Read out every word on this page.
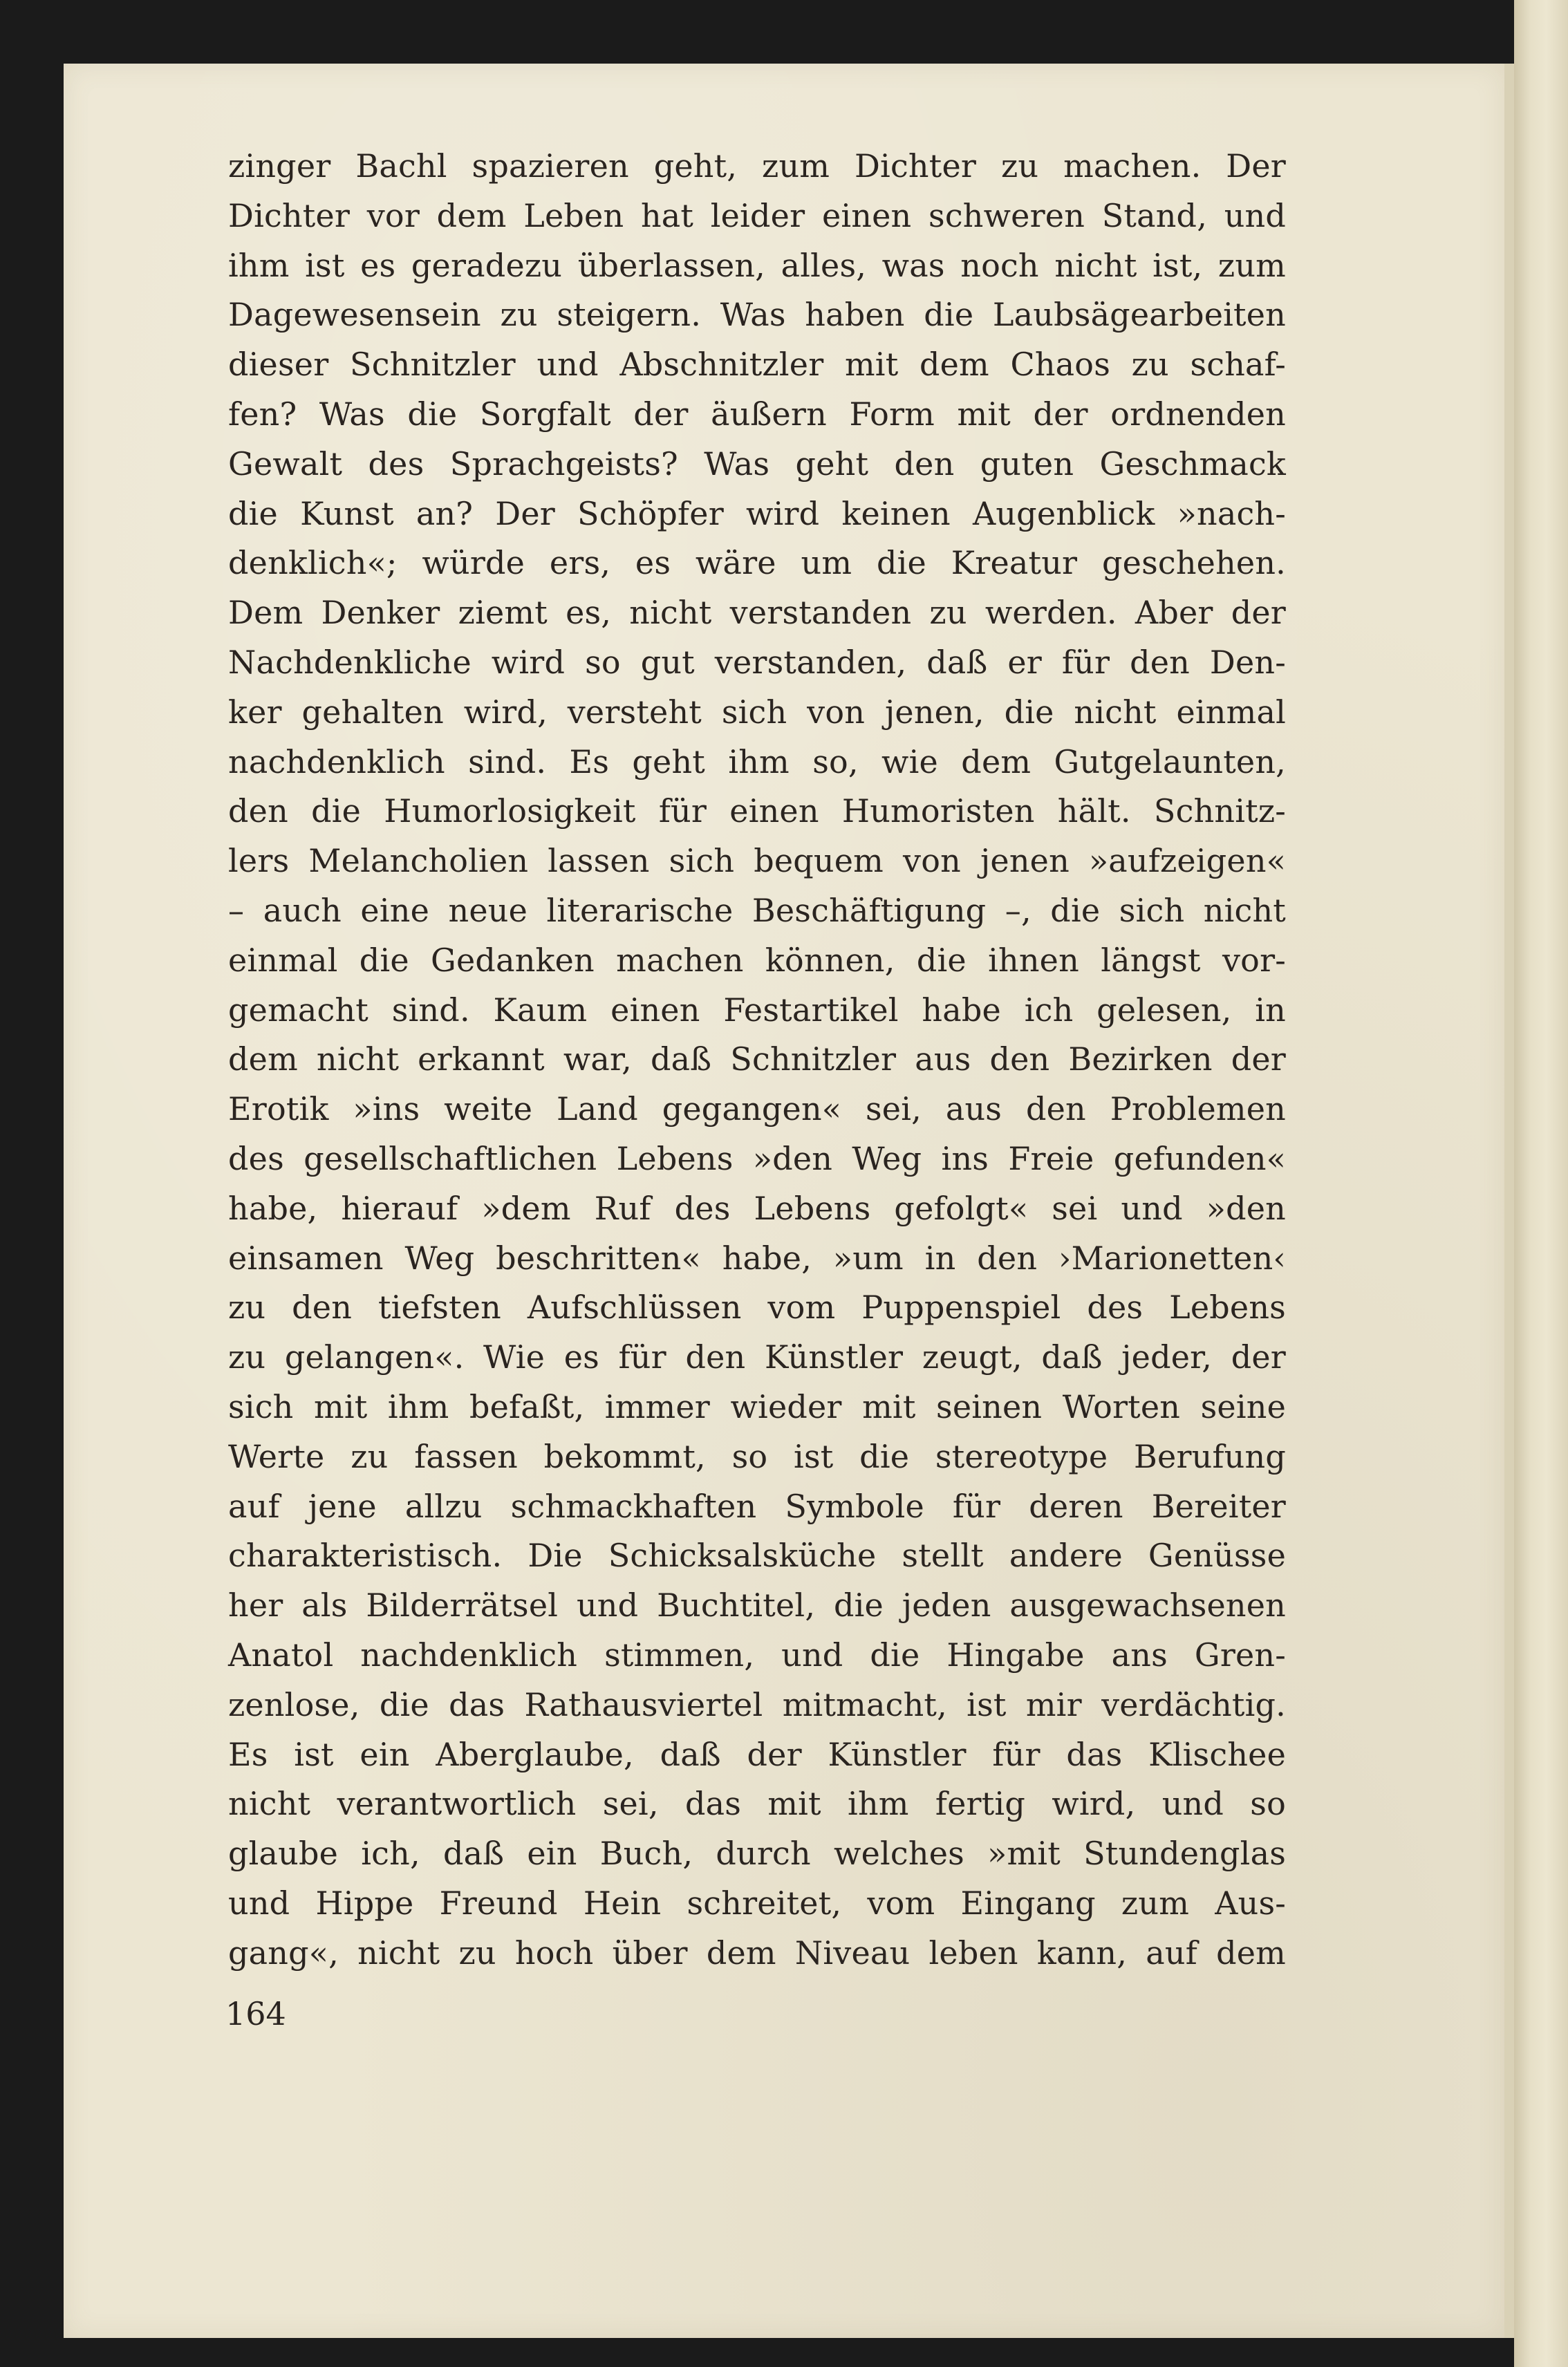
zinger Bachl spazieren geht, zum Dichter zu machen. Der
Dichter vor dem Leben hat leider einen schweren Stand, und
ihm ist es geradezu überlassen, alles, was noch nicht ist, zum
Dagewesensein zu steigern. Was haben die Laubsägearbeiten
dieser Schnitzler und Abschnitzler mit dem Chaos zu schaf-
fen? Was die Sorgfalt der äußern Form mit der ordnenden
Gewalt des Sprachgeists? Was geht den guten Geschmack
die Kunst an? Der Schöpfer wird keinen Augenblick »nach-
denklich«; würde ers, es wäre um die Kreatur geschehen.
Dem Denker ziemt es, nicht verstanden zu werden. Aber der
Nachdenkliche wird so gut verstanden, daß er für den Den-
ker gehalten wird, versteht sich von jenen, die nicht einmal
nachdenklich sind. Es geht ihm so, wie dem Gutgelaunten,
den die Humorlosigkeit für einen Humoristen hält. Schnitz-
lers Melancholien lassen sich bequem von jenen »aufzeigen«
– auch eine neue literarische Beschäftigung –, die sich nicht
einmal die Gedanken machen können, die ihnen längst vor-
gemacht sind. Kaum einen Festartikel habe ich gelesen, in
dem nicht erkannt war, daß Schnitzler aus den Bezirken der
Erotik »ins weite Land gegangen« sei, aus den Problemen
des gesellschaftlichen Lebens »den Weg ins Freie gefunden«
habe, hierauf »dem Ruf des Lebens gefolgt« sei und »den
einsamen Weg beschritten« habe, »um in den ›Marionetten‹
zu den tiefsten Aufschlüssen vom Puppenspiel des Lebens
zu gelangen«. Wie es für den Künstler zeugt, daß jeder, der
sich mit ihm befaßt, immer wieder mit seinen Worten seine
Werte zu fassen bekommt, so ist die stereotype Berufung
auf jene allzu schmackhaften Symbole für deren Bereiter
charakteristisch. Die Schicksalsküche stellt andere Genüsse
her als Bilderrätsel und Buchtitel, die jeden ausgewachsenen
Anatol nachdenklich stimmen, und die Hingabe ans Gren-
zenlose, die das Rathausviertel mitmacht, ist mir verdächtig.
Es ist ein Aberglaube, daß der Künstler für das Klischee
nicht verantwortlich sei, das mit ihm fertig wird, und so
glaube ich, daß ein Buch, durch welches »mit Stundenglas
und Hippe Freund Hein schreitet, vom Eingang zum Aus-
gang«, nicht zu hoch über dem Niveau leben kann, auf dem
164
